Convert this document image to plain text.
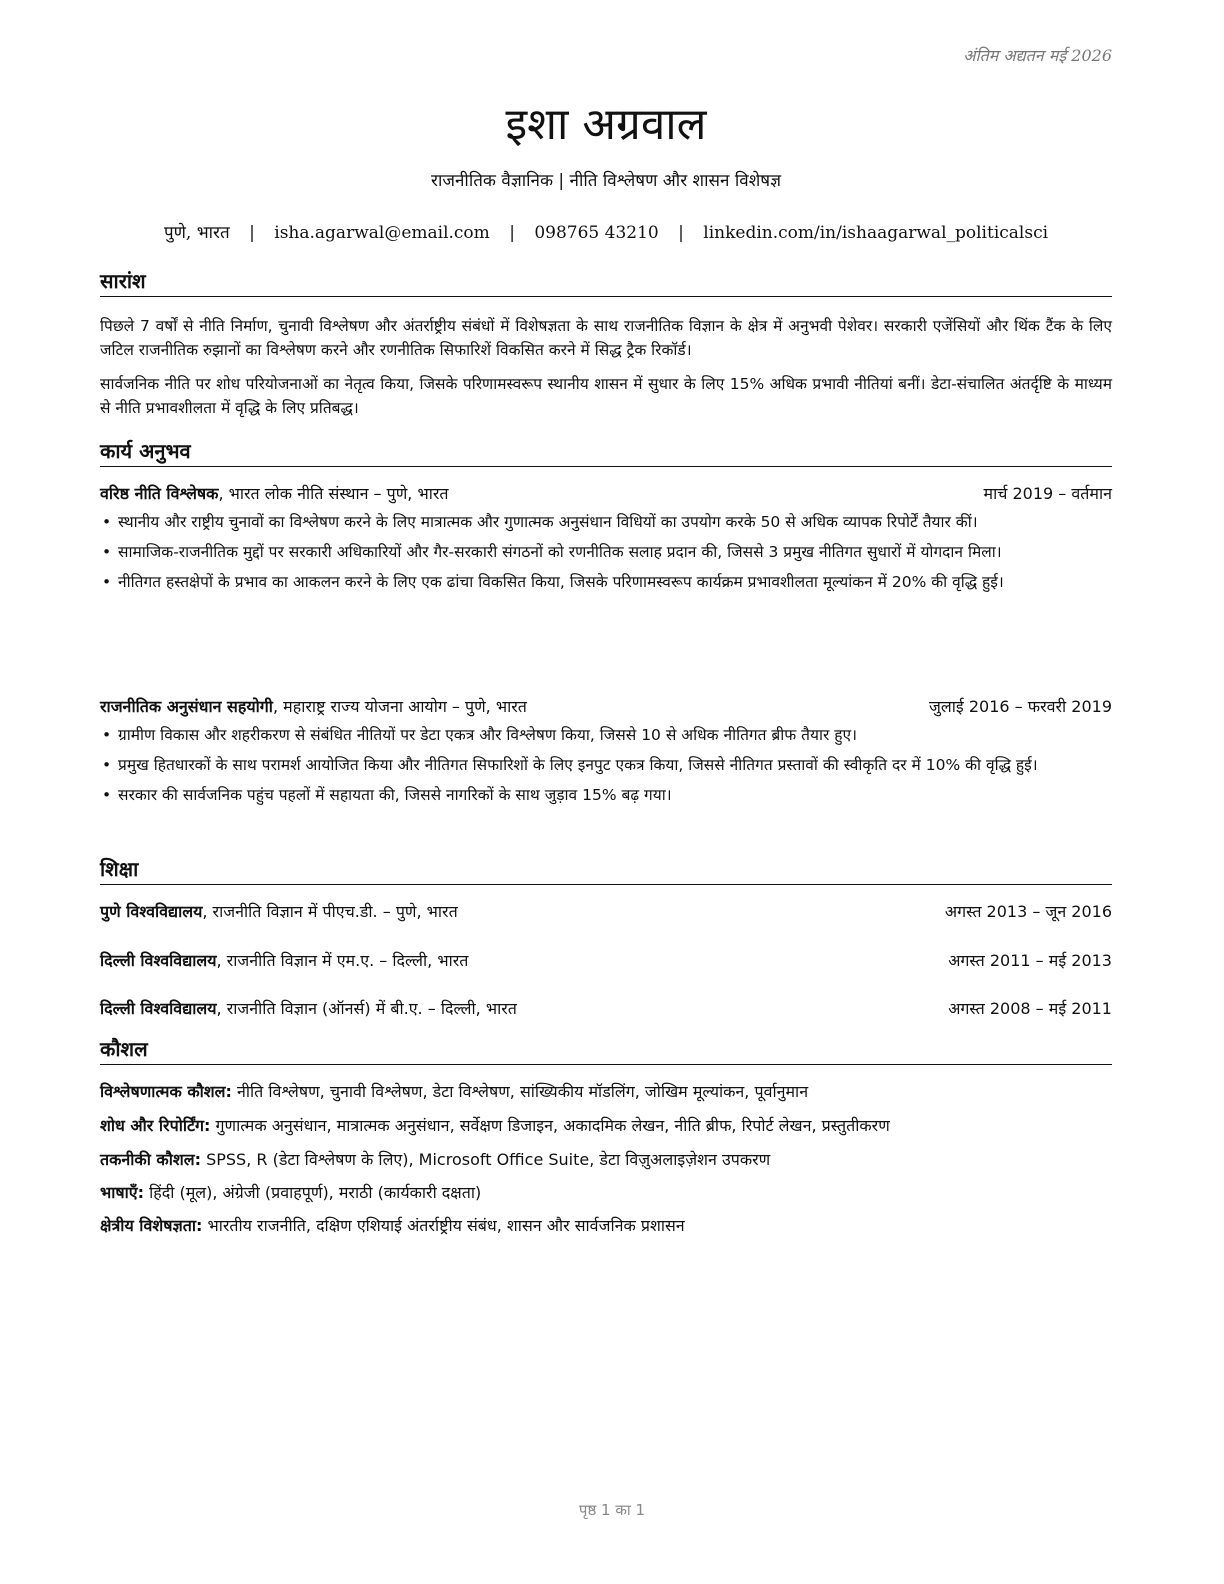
अंतिम अद्यतन मई 2026
इशा अग्रवाल
राजनीतिक वैज्ञानिक | नीति विश्लेषण और शासन विशेषज्ञ
पुणे, भारत | isha.agarwal@email.com | 098765 43210 | linkedin.com/in/ishaagarwal_politicalsci
सारांश

पिछले 7 वर्षों से नीति निर्माण, चुनावी विश्लेषण और अंतर्राष्ट्रीय संबंधों में विशेषज्ञता के साथ राजनीतिक विज्ञान के क्षेत्र में अनुभवी पेशेवर। सरकारी एजेंसियों और थिंक टैंक के लिए जटिल राजनीतिक रुझानों का विश्लेषण करने और रणनीतिक सिफारिशें विकसित करने में सिद्ध ट्रैक रिकॉर्ड।

सार्वजनिक नीति पर शोध परियोजनाओं का नेतृत्व किया, जिसके परिणामस्वरूप स्थानीय शासन में सुधार के लिए 15% अधिक प्रभावी नीतियां बनीं। डेटा-संचालित अंतर्दृष्टि के माध्यम से नीति प्रभावशीलता में वृद्धि के लिए प्रतिबद्ध।

कार्य अनुभव
वरिष्ठ नीति विश्लेषक, भारत लोक नीति संस्थान – पुणे, भारत	मार्च 2019 – वर्तमान
• स्थानीय और राष्ट्रीय चुनावों का विश्लेषण करने के लिए मात्रात्मक और गुणात्मक अनुसंधान विधियों का उपयोग करके 50 से अधिक व्यापक रिपोर्टें तैयार कीं।
• सामाजिक-राजनीतिक मुद्दों पर सरकारी अधिकारियों और गैर-सरकारी संगठनों को रणनीतिक सलाह प्रदान की, जिससे 3 प्रमुख नीतिगत सुधारों में योगदान मिला।
• नीतिगत हस्तक्षेपों के प्रभाव का आकलन करने के लिए एक ढांचा विकसित किया, जिसके परिणामस्वरूप कार्यक्रम प्रभावशीलता मूल्यांकन में 20% की वृद्धि हुई।
राजनीतिक अनुसंधान सहयोगी, महाराष्ट्र राज्य योजना आयोग – पुणे, भारत	जुलाई 2016 – फरवरी 2019
• ग्रामीण विकास और शहरीकरण से संबंधित नीतियों पर डेटा एकत्र और विश्लेषण किया, जिससे 10 से अधिक नीतिगत ब्रीफ तैयार हुए।
• प्रमुख हितधारकों के साथ परामर्श आयोजित किया और नीतिगत सिफारिशों के लिए इनपुट एकत्र किया, जिससे नीतिगत प्रस्तावों की स्वीकृति दर में 10% की वृद्धि हुई।
• सरकार की सार्वजनिक पहुंच पहलों में सहायता की, जिससे नागरिकों के साथ जुड़ाव 15% बढ़ गया।
शिक्षा
पुणे विश्वविद्यालय, राजनीति विज्ञान में पीएच.डी. – पुणे, भारत	अगस्त 2013 – जून 2016
दिल्ली विश्वविद्यालय, राजनीति विज्ञान में एम.ए. – दिल्ली, भारत	अगस्त 2011 – मई 2013
दिल्ली विश्वविद्यालय, राजनीति विज्ञान (ऑनर्स) में बी.ए. – दिल्ली, भारत	अगस्त 2008 – मई 2011
कौशल
विश्लेषणात्मक कौशल: नीति विश्लेषण, चुनावी विश्लेषण, डेटा विश्लेषण, सांख्यिकीय मॉडलिंग, जोखिम मूल्यांकन, पूर्वानुमान
शोध और रिपोर्टिंग: गुणात्मक अनुसंधान, मात्रात्मक अनुसंधान, सर्वेक्षण डिजाइन, अकादमिक लेखन, नीति ब्रीफ, रिपोर्ट लेखन, प्रस्तुतीकरण
तकनीकी कौशल: SPSS, R (डेटा विश्लेषण के लिए), Microsoft Office Suite, डेटा विज़ुअलाइज़ेशन उपकरण
भाषाएँ: हिंदी (मूल), अंग्रेजी (प्रवाहपूर्ण), मराठी (कार्यकारी दक्षता)
क्षेत्रीय विशेषज्ञता: भारतीय राजनीति, दक्षिण एशियाई अंतर्राष्ट्रीय संबंध, शासन और सार्वजनिक प्रशासन
पृष्ठ 1 का 1
